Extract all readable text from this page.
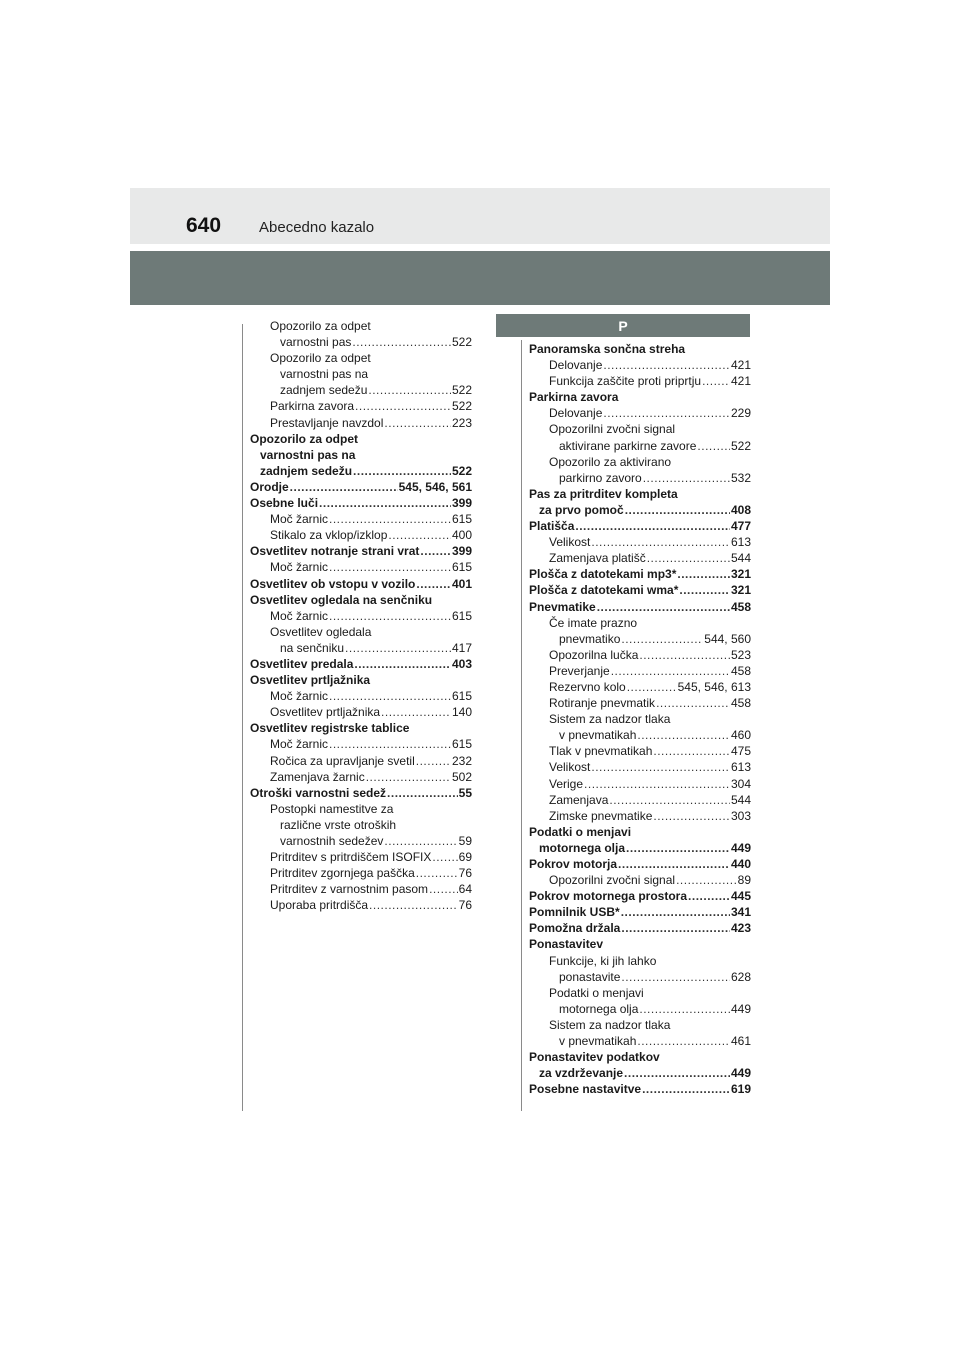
640	Abecedno kazalo
P
Opozorilo za odpet
varnostni pas .....	522
Opozorilo za odpet
varnostni pas na
zadnjem sedežu .....	522
Parkirna zavora .....	522
Prestavljanje navzdol .....	223
Opozorilo za odpet
varnostni pas na
zadnjem sedežu .....	522
Orodje .....	545, 546, 561
Osebne luči .....	399
Moč žarnic .....	615
Stikalo za vklop/izklop .....	400
Osvetlitev notranje strani vrat .....	399
Moč žarnic .....	615
Osvetlitev ob vstopu v vozilo .....	401
Osvetlitev ogledala na senčniku
Moč žarnic .....	615
Osvetlitev ogledala
na senčniku .....	417
Osvetlitev predala .....	403
Osvetlitev prtljažnika
Moč žarnic .....	615
Osvetlitev prtljažnika .....	140
Osvetlitev registrske tablice
Moč žarnic .....	615
Ročica za upravljanje svetil .....	232
Zamenjava žarnic .....	502
Otroški varnostni sedež .....	55
Postopki namestitve za
različne vrste otroških
varnostnih sedežev .....	59
Pritrditev s pritrdiščem ISOFIX ..... 69
Pritrditev zgornjega paščka .....	76
Pritrditev z varnostnim pasom .....	64
Uporaba pritrdišča .....	76
Panoramska sončna streha
Delovanje .....	421
Funkcija zaščite proti priprtju ..... 421
Parkirna zavora
Delovanje .....	229
Opozorilni zvočni signal
aktivirane parkirne zavore .....	522
Opozorilo za aktivirano
parkirno zavoro .....	532
Pas za pritrditev kompleta
za prvo pomoč .....	408
Platišča .....	477
Velikost .....	613
Zamenjava platišč .....	544
Plošča z datotekami mp3* .....	321
Plošča z datotekami wma* .....	321
Pnevmatike .....	458
Če imate prazno
pnevmatiko .....	544, 560
Opozorilna lučka .....	523
Preverjanje .....	458
Rezervno kolo .....	545, 546, 613
Rotiranje pnevmatik .....	458
Sistem za nadzor tlaka
v pnevmatikah .....	460
Tlak v pnevmatikah .....	475
Velikost .....	613
Verige .....	304
Zamenjava .....	544
Zimske pnevmatike .....	303
Podatki o menjavi
motornega olja .....	449
Pokrov motorja .....	440
Opozorilni zvočni signal .....	89
Pokrov motornega prostora .....	445
Pomnilnik USB* .....	341
Pomožna držala .....	423
Ponastavitev
Funkcije, ki jih lahko
ponastavite .....	628
Podatki o menjavi
motornega olja .....	449
Sistem za nadzor tlaka
v pnevmatikah .....	461
Ponastavitev podatkov
za vzdrževanje .....	449
Posebne nastavitve .....	619
